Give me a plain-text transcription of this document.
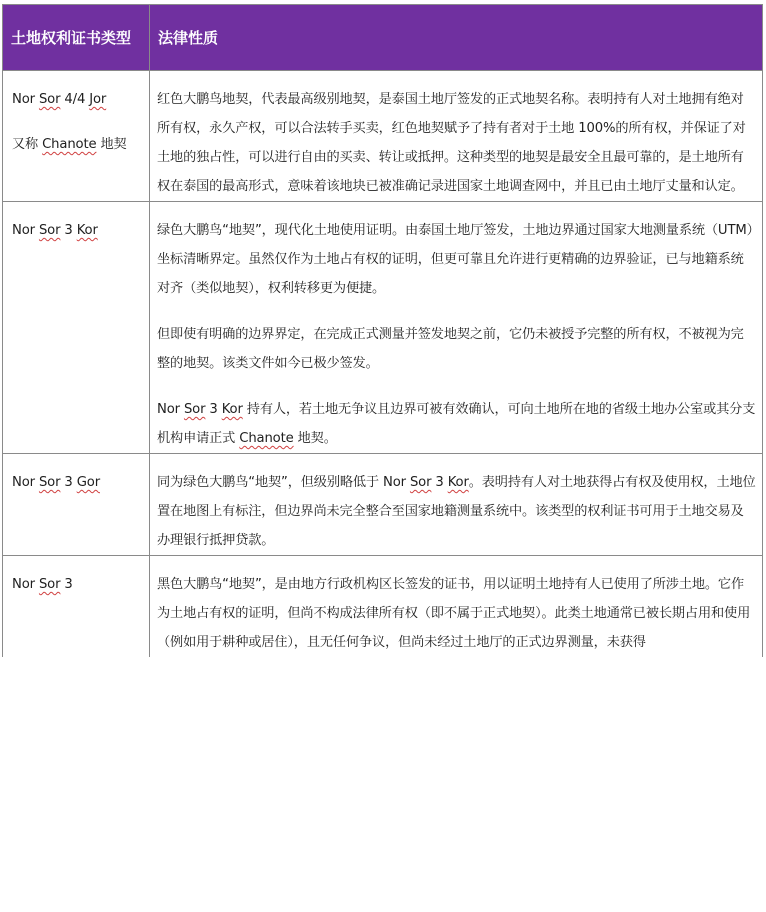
土地权利证书类型	法律性质

Nor Sor 4/4 Jor
又称 Chanote 地契	红色大鹏鸟地契，代表最高级别地契，是泰国土地厅签发的正式地契名称。表明持有人对土地拥有绝对所有权，永久产权，可以合法转手买卖，红色地契赋予了持有者对于土地 100%的所有权，并保证了对土地的独占性，可以进行自由的买卖、转让或抵押。这种类型的地契是最安全且最可靠的，是土地所有权在泰国的最高形式，意味着该地块已被准确记录进国家土地调查网中，并且已由土地厅丈量和认定。

Nor Sor 3 Kor	绿色大鹏鸟“地契”，现代化土地使用证明。由泰国土地厅签发，土地边界通过国家大地测量系统（UTM）坐标清晰界定。虽然仅作为土地占有权的证明，但更可靠且允许进行更精确的边界验证，已与地籍系统对齐（类似地契），权利转移更为便捷。

但即使有明确的边界界定，在完成正式测量并签发地契之前，它仍未被授予完整的所有权，不被视为完整的地契。该类文件如今已极少签发。

Nor Sor 3 Kor 持有人，若土地无争议且边界可被有效确认，可向土地所在地的省级土地办公室或其分支机构申请正式 Chanote 地契。

Nor Sor 3 Gor	同为绿色大鹏鸟“地契”，但级别略低于 Nor Sor 3 Kor。表明持有人对土地获得占有权及使用权，土地位置在地图上有标注，但边界尚未完全整合至国家地籍测量系统中。该类型的权利证书可用于土地交易及办理银行抵押贷款。

Nor Sor 3	黑色大鹏鸟“地契”，是由地方行政机构区长签发的证书，用以证明土地持有人已使用了所涉土地。它作为土地占有权的证明，但尚不构成法律所有权（即不属于正式地契）。此类土地通常已被长期占用和使用（例如用于耕种或居住），且无任何争议，但尚未经过土地厅的正式边界测量，未获得
